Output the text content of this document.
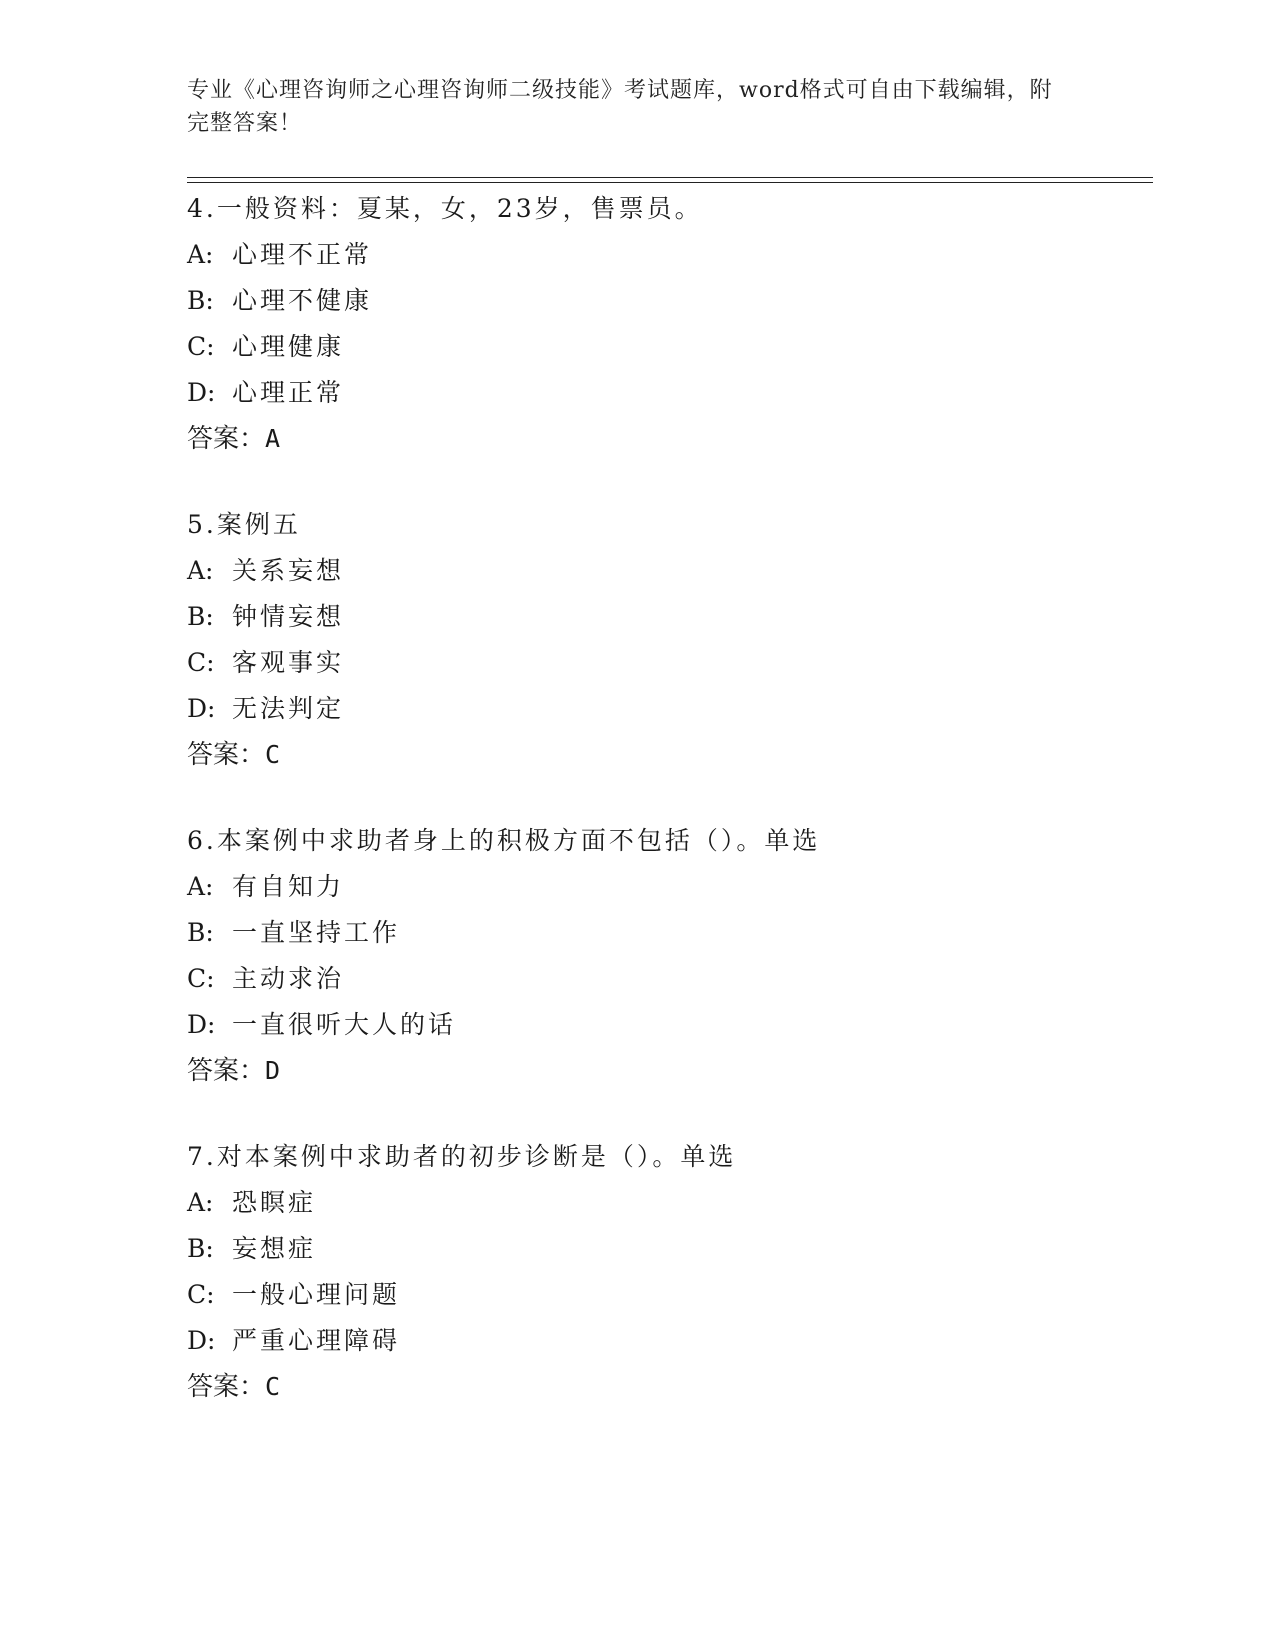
专业《心理咨询师之心理咨询师二级技能》考试题库，word格式可自由下载编辑，附完整答案！
4.一般资料：夏某，女，23岁，售票员。
A: 心理不正常
B: 心理不健康
C: 心理健康
D: 心理正常
答案：A
5.案例五
A: 关系妄想
B: 钟情妄想
C: 客观事实
D: 无法判定
答案：C
6.本案例中求助者身上的积极方面不包括（）。单选
A: 有自知力
B: 一直坚持工作
C: 主动求治
D: 一直很听大人的话
答案：D
7.对本案例中求助者的初步诊断是（）。单选
A: 恐瞑症
B: 妄想症
C: 一般心理问题
D: 严重心理障碍
答案：C
